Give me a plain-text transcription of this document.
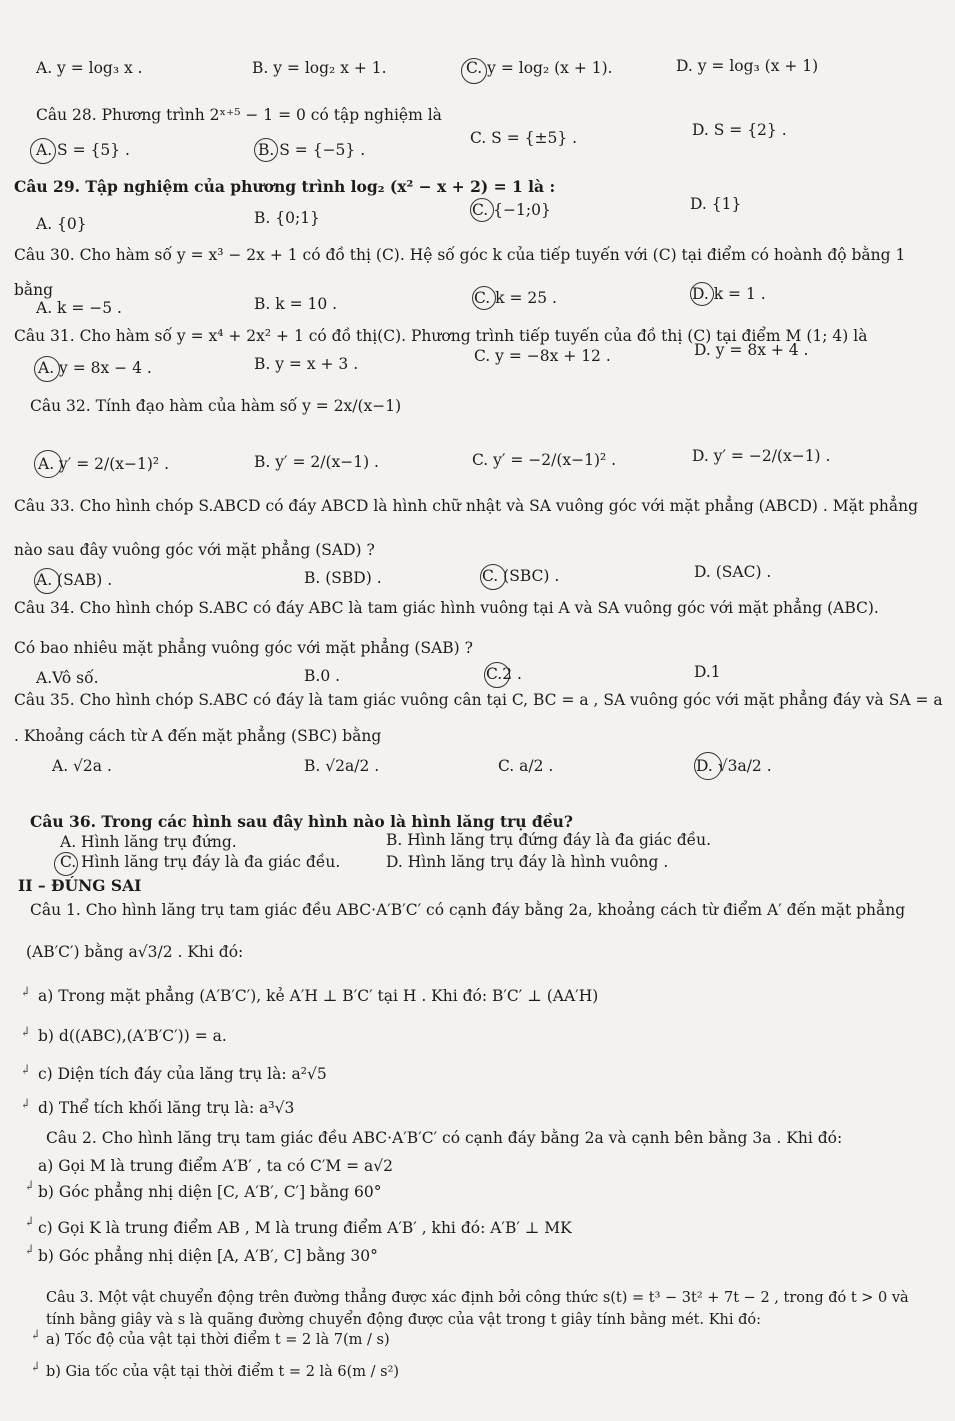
A. y = log₃ x .	B. y = log₂ x + 1.	C. y = log₂ (x + 1).	D. y = log₃ (x + 1)
Câu 28. Phương trình 2ˣ⁺⁵ − 1 = 0 có tập nghiệm là
A. S = {5} .	B. S = {−5} .
C. S = {±5} .	D. S = {2} .
Câu 29. Tập nghiệm của phương trình log₂ (x² − x + 2) = 1 là :
A. {0}	B. {0;1}	C. {−1;0}	D. {1}
Câu 30. Cho hàm số y = x³ − 2x + 1 có đồ thị (C). Hệ số góc k của tiếp tuyến với (C) tại điểm có hoành độ bằng 1
bằng
A. k = −5 .	B. k = 10 .	C. k = 25 .	D. k = 1 .
Câu 31. Cho hàm số y = x⁴ + 2x² + 1 có đồ thị(C). Phương trình tiếp tuyến của đồ thị (C) tại điểm M (1; 4) là
A. y = 8x − 4 .	B. y = x + 3 .	C. y = −8x + 12 .	D. y = 8x + 4 .
Câu 32. Tính đạo hàm của hàm số y = 2x/(x−1)
A. y′ = 2/(x−1)² .	B. y′ = 2/(x−1) .	C. y′ = −2/(x−1)² .	D. y′ = −2/(x−1) .
Câu 33. Cho hình chóp S.ABCD có đáy ABCD là hình chữ nhật và SA vuông góc với mặt phẳng (ABCD) . Mặt phẳng
nào sau đây vuông góc với mặt phẳng (SAD) ?
A. (SAB) .	B. (SBD) .	C. (SBC) .	D. (SAC) .
Câu 34. Cho hình chóp S.ABC có đáy ABC là tam giác hình vuông tại A và SA vuông góc với mặt phẳng (ABC).
Có bao nhiêu mặt phẳng vuông góc với mặt phẳng (SAB) ?
A.Vô số.	B.0 .	C.2 .	D.1
Câu 35. Cho hình chóp S.ABC có đáy là tam giác vuông cân tại C, BC = a , SA vuông góc với mặt phẳng đáy và SA = a
. Khoảng cách từ A đến mặt phẳng (SBC) bằng
A. √2a .	B. √2a/2 .	C. a/2 .	D. √3a/2 .
Câu 36. Trong các hình sau đây hình nào là hình lăng trụ đều?
A. Hình lăng trụ đứng.	B. Hình lăng trụ đứng đáy là đa giác đều.
C. Hình lăng trụ đáy là đa giác đều.	D. Hình lăng trụ đáy là hình vuông .
II – ĐÚNG SAI
Câu 1. Cho hình lăng trụ tam giác đều ABC·A′B′C′ có cạnh đáy bằng 2a, khoảng cách từ điểm A′ đến mặt phẳng
(AB′C′) bằng a√3/2 . Khi đó:
↲ a) Trong mặt phẳng (A′B′C′), kẻ A′H ⊥ B′C′ tại H . Khi đó: B′C′ ⊥ (AA′H)
↲ b) d((ABC),(A′B′C′)) = a.
↲ c) Diện tích đáy của lăng trụ là: a²√5
↲ d) Thể tích khối lăng trụ là: a³√3
Câu 2. Cho hình lăng trụ tam giác đều ABC·A′B′C′ có cạnh đáy bằng 2a và cạnh bên bằng 3a . Khi đó:
a) Gọi M là trung điểm A′B′ , ta có C′M = a√2
↲ b) Góc phẳng nhị diện [C, A′B′, C′] bằng 60°
↲ c) Gọi K là trung điểm AB , M là trung điểm A′B′ , khi đó: A′B′ ⊥ MK
↲ b) Góc phẳng nhị diện [A, A′B′, C] bằng 30°
Câu 3. Một vật chuyển động trên đường thẳng được xác định bởi công thức s(t) = t³ − 3t² + 7t − 2 , trong đó t > 0 và
tính bằng giây và s là quãng đường chuyển động được của vật trong t giây tính bằng mét. Khi đó:
↲ a) Tốc độ của vật tại thời điểm t = 2 là 7(m / s)
↲ b) Gia tốc của vật tại thời điểm t = 2 là 6(m / s²)
